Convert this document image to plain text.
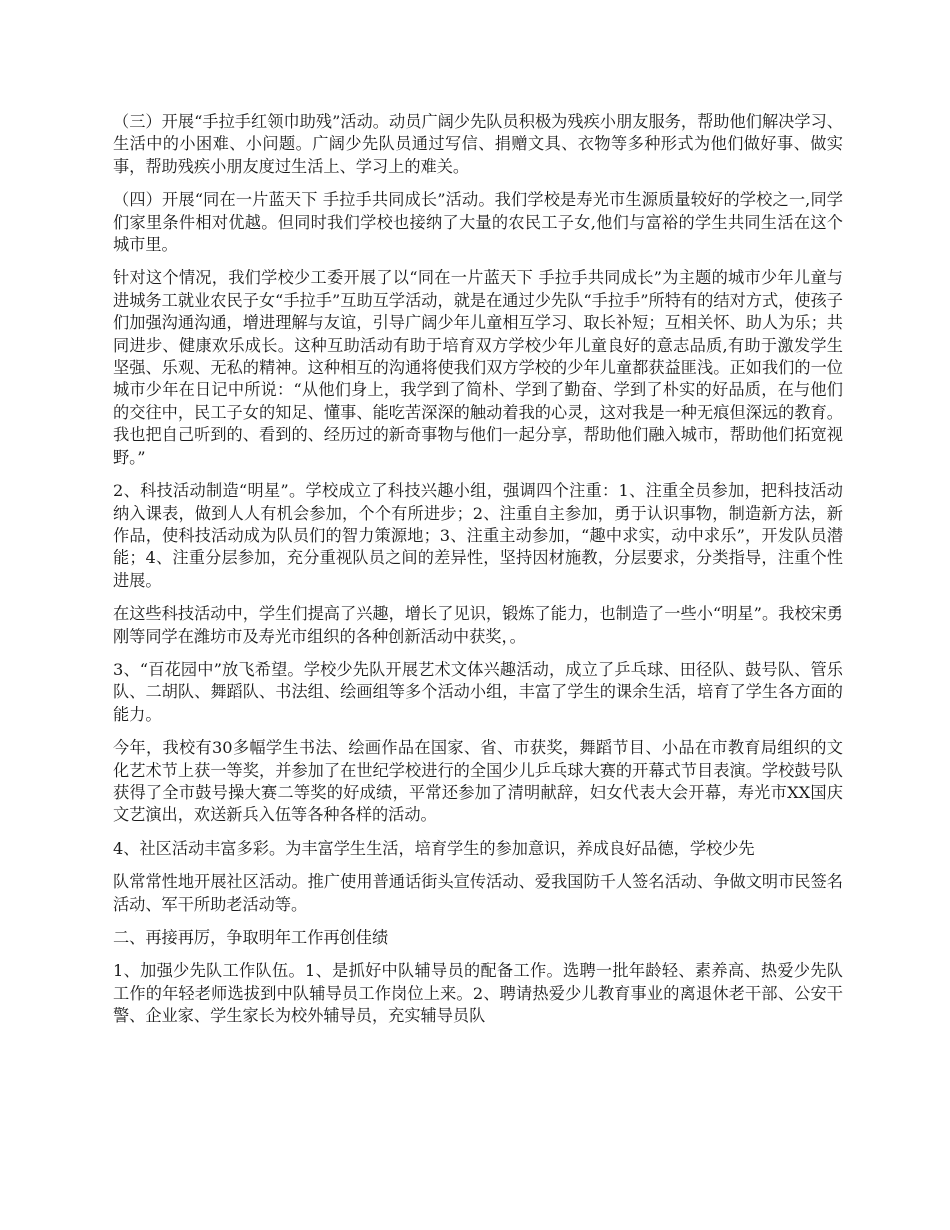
（三）开展“手拉手红领巾助残”活动。动员广阔少先队员积极为残疾小朋友服务，帮助他们解决学习、生活中的小困难、小问题。广阔少先队员通过写信、捐赠文具、衣物等多种形式为他们做好事、做实事，帮助残疾小朋友度过生活上、学习上的难关。

（四）开展“同在一片蓝天下 手拉手共同成长”活动。我们学校是寿光市生源质量较好的学校之一,同学们家里条件相对优越。但同时我们学校也接纳了大量的农民工子女,他们与富裕的学生共同生活在这个城市里。

针对这个情况，我们学校少工委开展了以“同在一片蓝天下 手拉手共同成长”为主题的城市少年儿童与进城务工就业农民子女“手拉手”互助互学活动，就是在通过少先队“手拉手”所特有的结对方式，使孩子们加强沟通沟通，增进理解与友谊，引导广阔少年儿童相互学习、取长补短；互相关怀、助人为乐；共同进步、健康欢乐成长。这种互助活动有助于培育双方学校少年儿童良好的意志品质,有助于激发学生坚强、乐观、无私的精神。这种相互的沟通将使我们双方学校的少年儿童都获益匪浅。正如我们的一位城市少年在日记中所说：“从他们身上，我学到了简朴、学到了勤奋、学到了朴实的好品质，在与他们的交往中，民工子女的知足、懂事、能吃苦深深的触动着我的心灵，这对我是一种无痕但深远的教育。我也把自己听到的、看到的、经历过的新奇事物与他们一起分享，帮助他们融入城市，帮助他们拓宽视野。”

2、科技活动制造“明星”。学校成立了科技兴趣小组，强调四个注重：1、注重全员参加，把科技活动纳入课表，做到人人有机会参加，个个有所进步；2、注重自主参加，勇于认识事物，制造新方法，新作品，使科技活动成为队员们的智力策源地；3、注重主动参加，“趣中求实，动中求乐”，开发队员潜能；4、注重分层参加，充分重视队员之间的差异性，坚持因材施教，分层要求，分类指导，注重个性进展。

在这些科技活动中，学生们提高了兴趣，增长了见识，锻炼了能力，也制造了一些小“明星”。我校宋勇刚等同学在潍坊市及寿光市组织的各种创新活动中获奖，。

3、“百花园中”放飞希望。学校少先队开展艺术文体兴趣活动，成立了乒乓球、田径队、鼓号队、管乐队、二胡队、舞蹈队、书法组、绘画组等多个活动小组，丰富了学生的课余生活，培育了学生各方面的能力。

今年，我校有30多幅学生书法、绘画作品在国家、省、市获奖，舞蹈节目、小品在市教育局组织的文化艺术节上获一等奖，并参加了在世纪学校进行的全国少儿乒乓球大赛的开幕式节目表演。学校鼓号队获得了全市鼓号操大赛二等奖的好成绩，平常还参加了清明献辞，妇女代表大会开幕，寿光市XX国庆文艺演出，欢送新兵入伍等各种各样的活动。

4、社区活动丰富多彩。为丰富学生生活，培育学生的参加意识，养成良好品德，学校少先

队常常性地开展社区活动。推广使用普通话街头宣传活动、爱我国防千人签名活动、争做文明市民签名活动、军干所助老活动等。

二、再接再厉，争取明年工作再创佳绩

1、加强少先队工作队伍。1、是抓好中队辅导员的配备工作。选聘一批年龄轻、素养高、热爱少先队工作的年轻老师选拔到中队辅导员工作岗位上来。2、聘请热爱少儿教育事业的离退休老干部、公安干警、企业家、学生家长为校外辅导员，充实辅导员队
